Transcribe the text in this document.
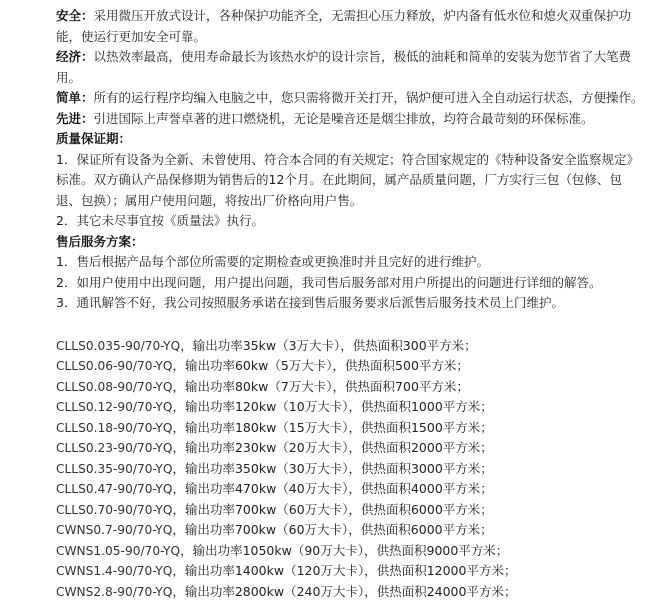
安全：采用微压开放式设计，各种保护功能齐全，无需担心压力释放，炉内备有低水位和熄火双重保护功能，使运行更加安全可靠。

经济：以热效率最高，使用寿命最长为该热水炉的设计宗旨，极低的油耗和简单的安装为您节省了大笔费用。

简单：所有的运行程序均编入电脑之中，您只需将微开关打开，锅炉便可进入全自动运行状态，方便操作。

先进：引进国际上声誉卓著的进口燃烧机，无论是噪音还是烟尘排放，均符合最苛刻的环保标准。

质量保证期：

1．保证所有设备为全新、未曾使用、符合本合同的有关规定；符合国家规定的《特种设备安全监察规定》标准。双方确认产品保修期为销售后的12个月。在此期间，属产品质量问题，厂方实行三包（包修、包退、包换）；属用户使用问题，将按出厂价格向用户售。

2．其它未尽事宜按《质量法》执行。

售后服务方案：

1．售后根据产品每个部位所需要的定期检查或更换准时并且完好的进行维护。

2．如用户使用中出现问题，用户提出问题，我司售后服务部对用户所提出的问题进行详细的解答。

3．通讯解答不好，我公司按照服务承诺在接到售后服务要求后派售后服务技术员上门维护。

CLLS0.035-90/70-YQ，输出功率35kw（3万大卡），供热面积300平方米；

CLLS0.06-90/70-YQ，输出功率60kw（5万大卡），供热面积500平方米；

CLLS0.08-90/70-YQ，输出功率80kw（7万大卡），供热面积700平方米；

CLLS0.12-90/70-YQ，输出功率120kw（10万大卡），供热面积1000平方米；

CLLS0.18-90/70-YQ，输出功率180kw（15万大卡），供热面积1500平方米；

CLLS0.23-90/70-YQ，输出功率230kw（20万大卡），供热面积2000平方米；

CLLS0.35-90/70-YQ，输出功率350kw（30万大卡），供热面积3000平方米；

CLLS0.47-90/70-YQ，输出功率470kw（40万大卡），供热面积4000平方米；

CLLS0.70-90/70-YQ，输出功率700kw（60万大卡），供热面积6000平方米；

CWNS0.7-90/70-YQ，输出功率700kw（60万大卡），供热面积6000平方米；

CWNS1.05-90/70-YQ，输出功率1050kw（90万大卡），供热面积9000平方米；

CWNS1.4-90/70-YQ，输出功率1400kw（120万大卡），供热面积12000平方米；

CWNS2.8-90/70-YQ，输出功率2800kw（240万大卡），供热面积24000平方米；
